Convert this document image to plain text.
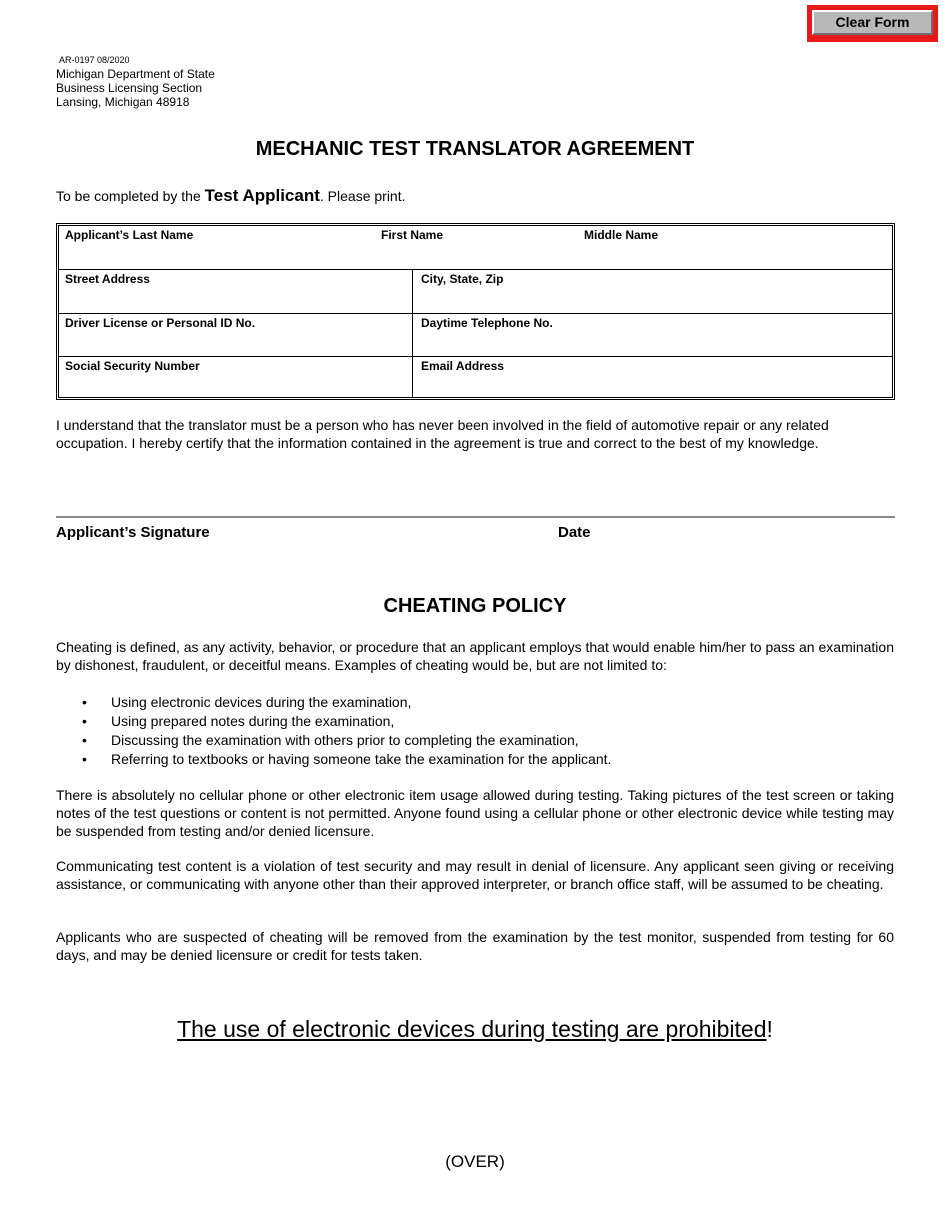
Clear Form
AR-0197 08/2020
Michigan Department of State
Business Licensing Section
Lansing, Michigan 48918
MECHANIC TEST TRANSLATOR AGREEMENT
To be completed by the Test Applicant. Please print.
Applicant’s Last Name	First Name	Middle Name
Street Address	City, State, Zip
Driver License or Personal ID No.	Daytime Telephone No.
Social Security Number	Email Address
I understand that the translator must be a person who has never been involved in the field of automotive repair or any related occupation. I hereby certify that the information contained in the agreement is true and correct to the best of my knowledge.
Applicant’s Signature	Date
CHEATING POLICY
Cheating is defined, as any activity, behavior, or procedure that an applicant employs that would enable him/her to pass an examination by dishonest, fraudulent, or deceitful means. Examples of cheating would be, but are not limited to:
• Using electronic devices during the examination,
• Using prepared notes during the examination,
• Discussing the examination with others prior to completing the examination,
• Referring to textbooks or having someone take the examination for the applicant.
There is absolutely no cellular phone or other electronic item usage allowed during testing. Taking pictures of the test screen or taking notes of the test questions or content is not permitted. Anyone found using a cellular phone or other electronic device while testing may be suspended from testing and/or denied licensure.
Communicating test content is a violation of test security and may result in denial of licensure. Any applicant seen giving or receiving assistance, or communicating with anyone other than their approved interpreter, or branch office staff, will be assumed to be cheating.
Applicants who are suspected of cheating will be removed from the examination by the test monitor, suspended from testing for 60 days, and may be denied licensure or credit for tests taken.
The use of electronic devices during testing are prohibited!
(OVER)
